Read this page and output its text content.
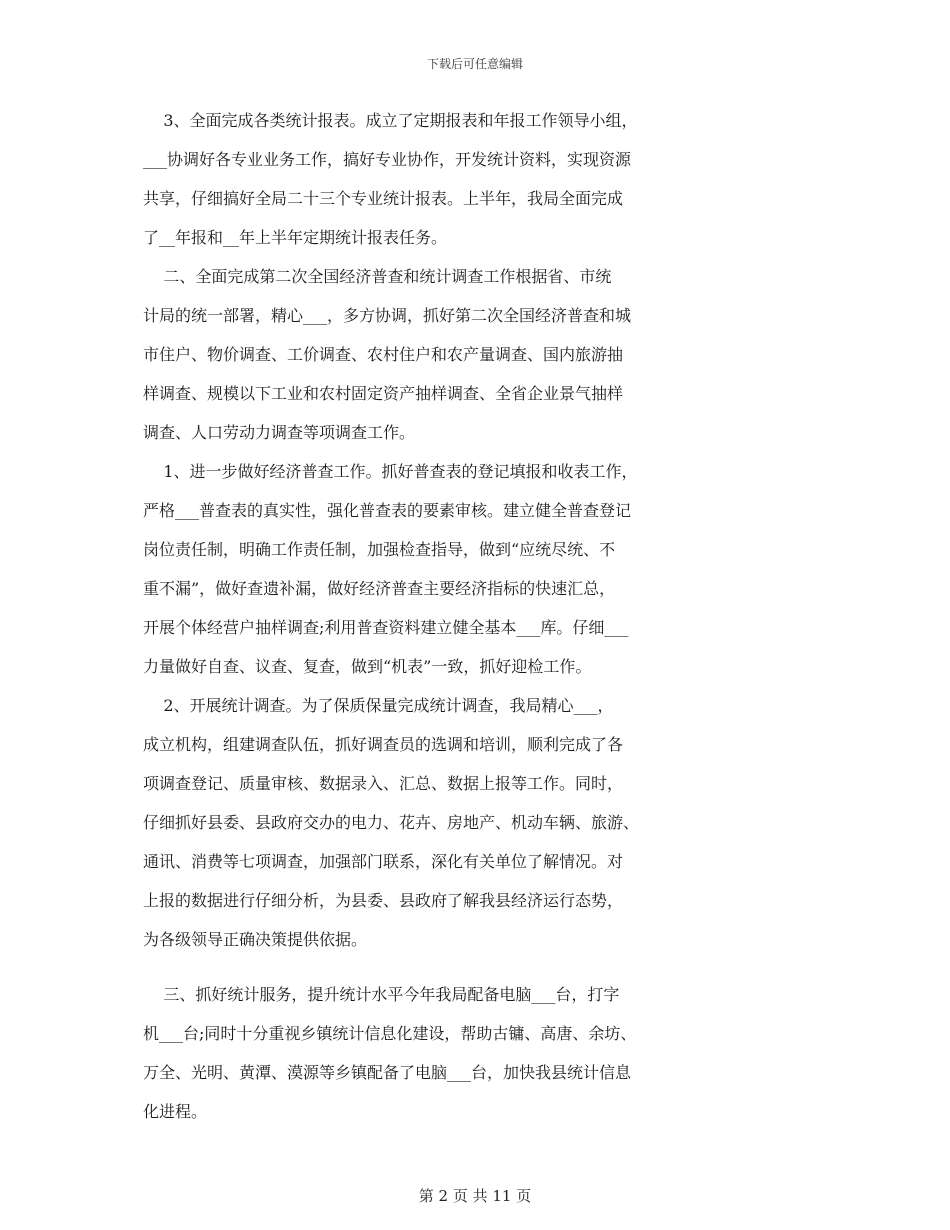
下载后可任意编辑
3、全面完成各类统计报表。成立了定期报表和年报工作领导小组，
___协调好各专业业务工作，搞好专业协作，开发统计资料，实现资源
共享，仔细搞好全局二十三个专业统计报表。上半年，我局全面完成
了__年报和__年上半年定期统计报表任务。
二、全面完成第二次全国经济普查和统计调查工作根据省、市统
计局的统一部署，精心___，多方协调，抓好第二次全国经济普查和城
市住户、物价调查、工价调查、农村住户和农产量调查、国内旅游抽
样调查、规模以下工业和农村固定资产抽样调查、全省企业景气抽样
调查、人口劳动力调查等项调查工作。
1、进一步做好经济普查工作。抓好普查表的登记填报和收表工作，
严格___普查表的真实性，强化普查表的要素审核。建立健全普查登记
岗位责任制，明确工作责任制，加强检查指导，做到“应统尽统、不
重不漏”，做好查遗补漏，做好经济普查主要经济指标的快速汇总，
开展个体经营户抽样调查;利用普查资料建立健全基本___库。仔细___
力量做好自查、议查、复查，做到“机表”一致，抓好迎检工作。
2、开展统计调查。为了保质保量完成统计调查，我局精心___，
成立机构，组建调查队伍，抓好调查员的选调和培训，顺利完成了各
项调查登记、质量审核、数据录入、汇总、数据上报等工作。同时，
仔细抓好县委、县政府交办的电力、花卉、房地产、机动车辆、旅游、
通讯、消费等七项调查，加强部门联系，深化有关单位了解情况。对
上报的数据进行仔细分析，为县委、县政府了解我县经济运行态势，
为各级领导正确决策提供依据。
三、抓好统计服务，提升统计水平今年我局配备电脑___台，打字
机___台;同时十分重视乡镇统计信息化建设，帮助古镛、高唐、余坊、
万全、光明、黄潭、漠源等乡镇配备了电脑___台，加快我县统计信息
化进程。
第 2 页 共 11 页
